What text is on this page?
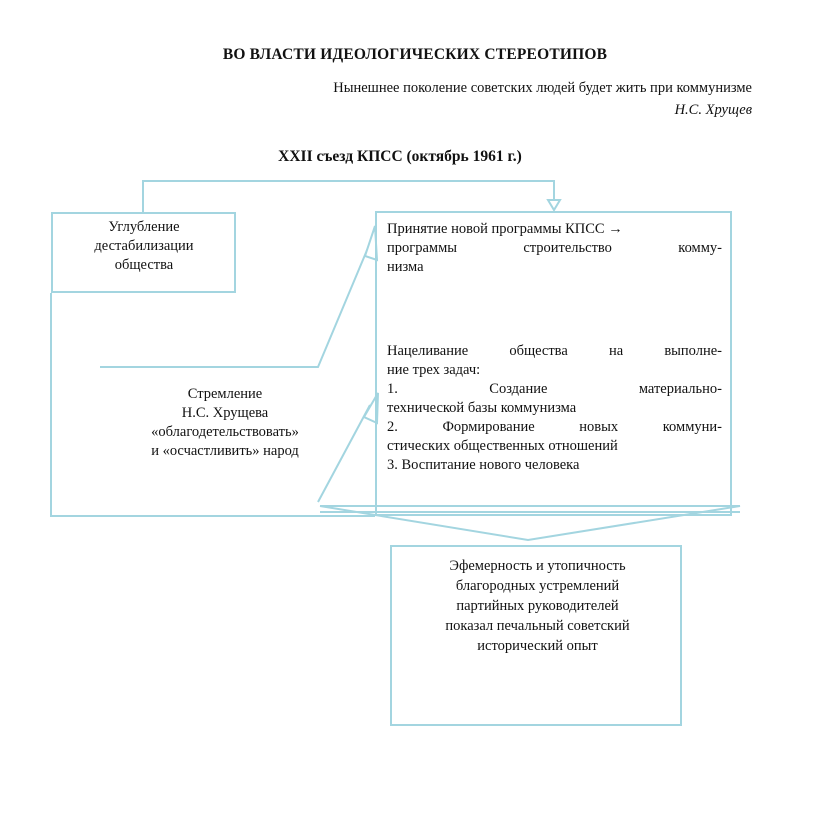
ВО ВЛАСТИ ИДЕОЛОГИЧЕСКИХ СТЕРЕОТИПОВ
Нынешнее поколение советских людей будет жить при коммунизме
Н.С. Хрущев
XXII съезд КПСС (октябрь 1961 г.)
Углубление
дестабилизации
общества
Стремление
Н.С. Хрущева
«облагодетельствовать»
и «осчастливить» народ
Принятие новой программы КПСС →
программы строительство комму-
низма
Нацеливание общества на выполне-
ние трех задач:
1. Создание материально-
технической базы коммунизма
2. Формирование новых коммуни-
стических общественных отношений
3. Воспитание нового человека
Эфемерность и утопичность
благородных устремлений
партийных руководителей
показал печальный советский
исторический опыт
